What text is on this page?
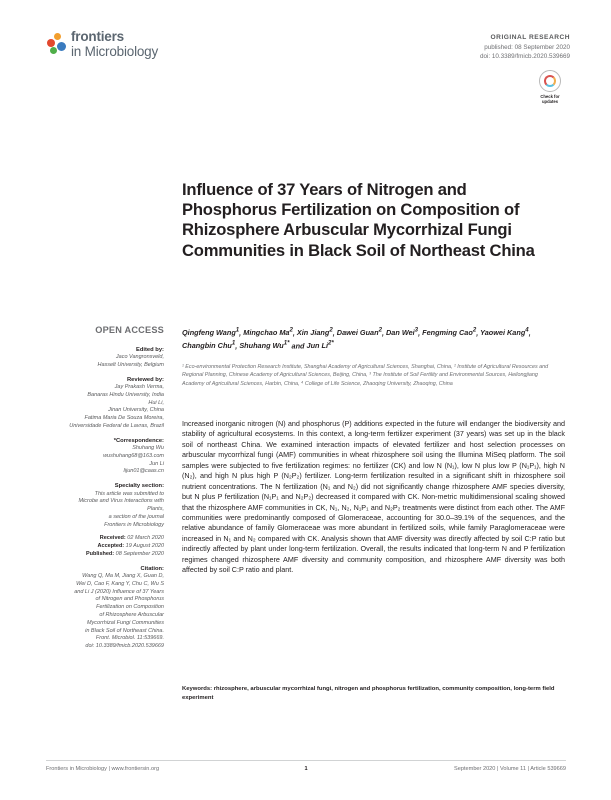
frontiers
in Microbiology
ORIGINAL RESEARCH
published: 08 September 2020
doi: 10.3389/fmicb.2020.539669
Check for updates
Influence of 37 Years of Nitrogen and Phosphorus Fertilization on Composition of Rhizosphere Arbuscular Mycorrhizal Fungi Communities in Black Soil of Northeast China
OPEN ACCESS
Edited by:
Jaco Vangronsveld,
Hasselt University, Belgium
Reviewed by:
Jay Prakash Verma,
Banaras Hindu University, India
Hui Li,
Jinan University, China
Fatima Maria De Souza Moreira,
Universidade Federal de Lavras, Brazil
*Correspondence:
Shuhang Wu
wushuhang68@163.com
Jun Li
lijun01@caas.cn
Specialty section:
This article was submitted to
Microbe and Virus Interactions with
Plants,
a section of the journal
Frontiers in Microbiology
Received: 02 March 2020
Accepted: 19 August 2020
Published: 08 September 2020
Citation:
Wang Q, Ma M, Jiang X, Guan D,
Wei D, Cao F, Kang Y, Chu C, Wu S
and Li J (2020) Influence of 37 Years
of Nitrogen and Phosphorus
Fertilization on Composition
of Rhizosphere Arbuscular
Mycorrhizal Fungi Communities
in Black Soil of Northeast China.
Front. Microbiol. 11:539669.
doi: 10.3389/fmicb.2020.539669
Qingfeng Wang$^1$, Mingchao Ma$^2$, Xin Jiang$^2$, Dawei Guan$^2$, Dan Wei$^3$, Fengming Cao$^2$, Yaowei Kang$^4$, Changbin Chu$^1$, Shuhang $Wu^{1*}$ and Jun $Li^{2*}$
¹ Eco-environmental Protection Research Institute, Shanghai Academy of Agricultural Sciences, Shanghai, China, ² Institute of Agricultural Resources and Regional Planning, Chinese Academy of Agricultural Sciences, Beijing, China, ³ The Institute of Soil Fertility and Environmental Sources, Heilongjiang Academy of Agricultural Sciences, Harbin, China, ⁴ College of Life Science, Zhaoqing University, Zhaoqing, China
Increased inorganic nitrogen (N) and phosphorus (P) additions expected in the future will endanger the biodiversity and stability of agricultural ecosystems. In this context, a long-term fertilizer experiment (37 years) was set up in the black soil of northeast China. We examined interaction impacts of elevated fertilizer and host selection processes on arbuscular mycorrhizal fungi (AMF) communities in wheat rhizosphere soil using the Illumina MiSeq platform. The soil samples were subjected to five fertilization regimes: no fertilizer (CK) and low N (N₁), low N plus low P (N₁P₁), high N (N₂), and high N plus high P (N₂P₂) fertilizer. Long-term fertilization resulted in a significant shift in rhizosphere soil nutrient concentrations. The N fertilization (N₁ and N₂) did not significantly change rhizosphere AMF species diversity, but N plus P fertilization (N₁P₁ and N₂P₂) decreased it compared with CK. Non-metric multidimensional scaling showed that the rhizosphere AMF communities in CK, N₁, N₂, N₁P₁ and N₂P₂ treatments were distinct from each other. The AMF communities were predominantly composed of Glomeraceae, accounting for 30.0–39.1% of the sequences, and the relative abundance of family Glomeraceae was more abundant in fertilized soils, while family Paraglomeraceae were increased in N₁ and N₂ compared with CK. Analysis shown that AMF diversity was directly affected by soil C:P ratio but indirectly affected by plant under long-term fertilization. Overall, the results indicated that long-term N and P fertilization regimes changed rhizosphere AMF diversity and community composition, and rhizosphere AMF diversity was both affected by soil C:P ratio and plant.
Keywords: rhizosphere, arbuscular mycorrhizal fungi, nitrogen and phosphorus fertilization, community composition, long-term field experiment
Frontiers in Microbiology | www.frontiersin.org	1	September 2020 | Volume 11 | Article 539669
